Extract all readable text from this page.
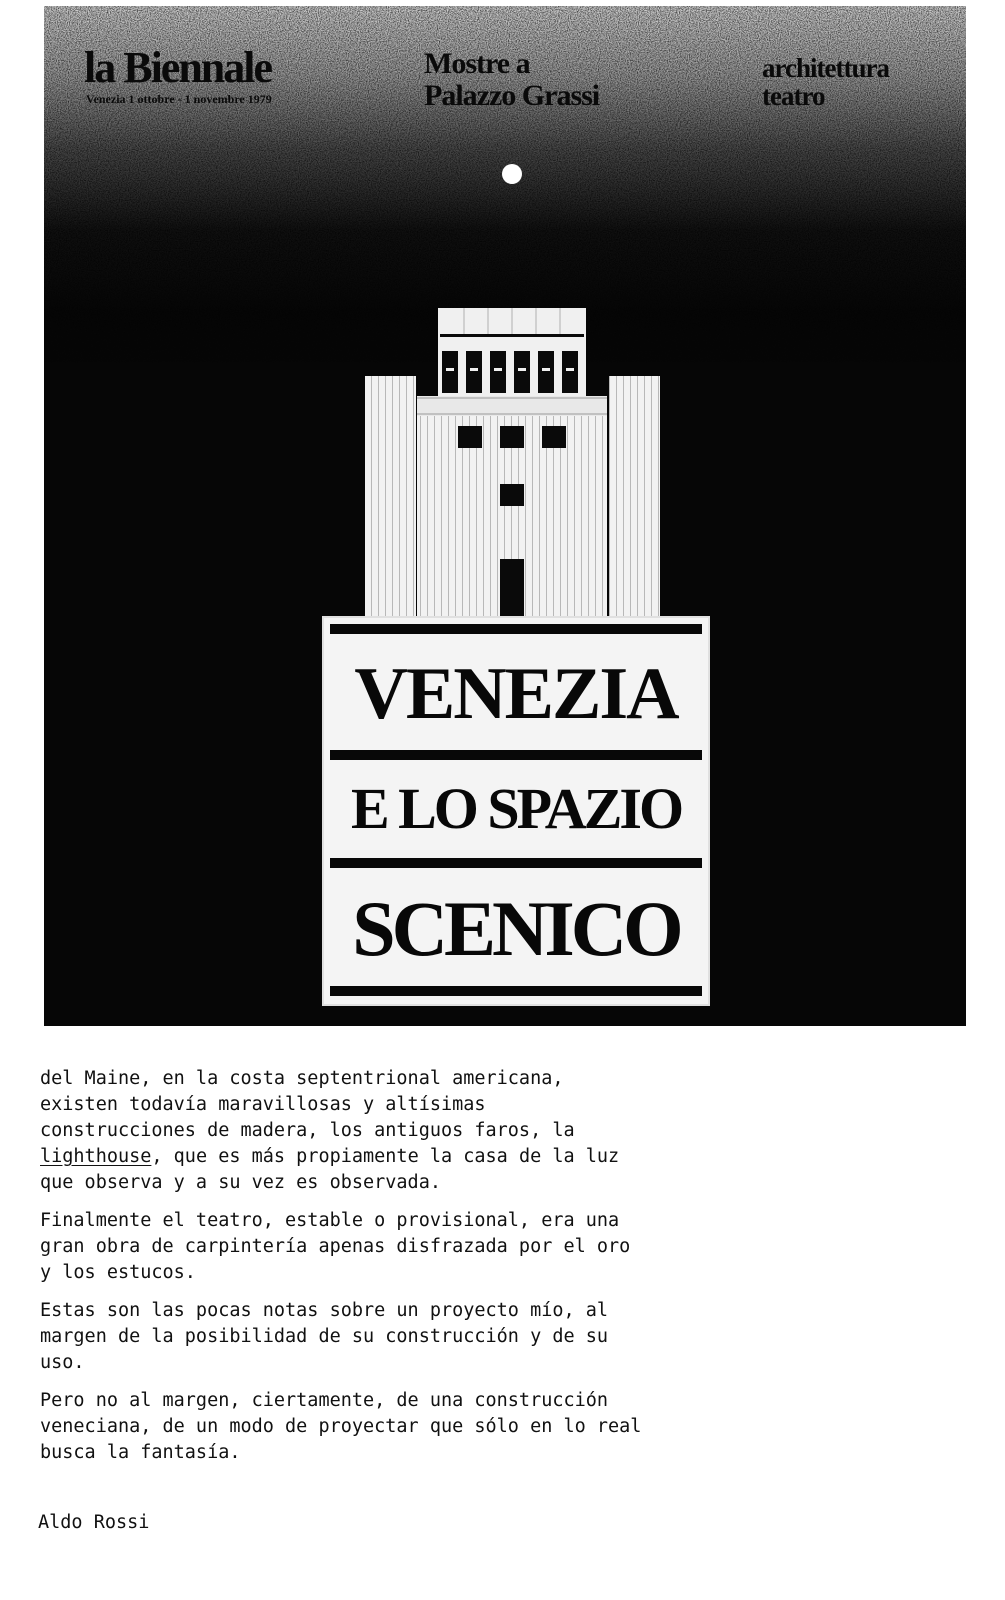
la Biennale
Venezia 1 ottobre - 1 novembre 1979
Mostre a
Palazzo Grassi
architettura
teatro
VENEZIA
E LO SPAZIO
SCENICO
del Maine, en la costa septentrional americana,
existen todavía maravillosas y altísimas
construcciones de madera, los antiguos faros, la
lighthouse, que es más propiamente la casa de la luz
que observa y a su vez es observada.
Finalmente el teatro, estable o provisional, era una
gran obra de carpintería apenas disfrazada por el oro
y los estucos.
Estas son las pocas notas sobre un proyecto mío, al
margen de la posibilidad de su construcción y de su
uso.
Pero no al margen, ciertamente, de una construcción
veneciana, de un modo de proyectar que sólo en lo real
busca la fantasía.
Aldo Rossi
